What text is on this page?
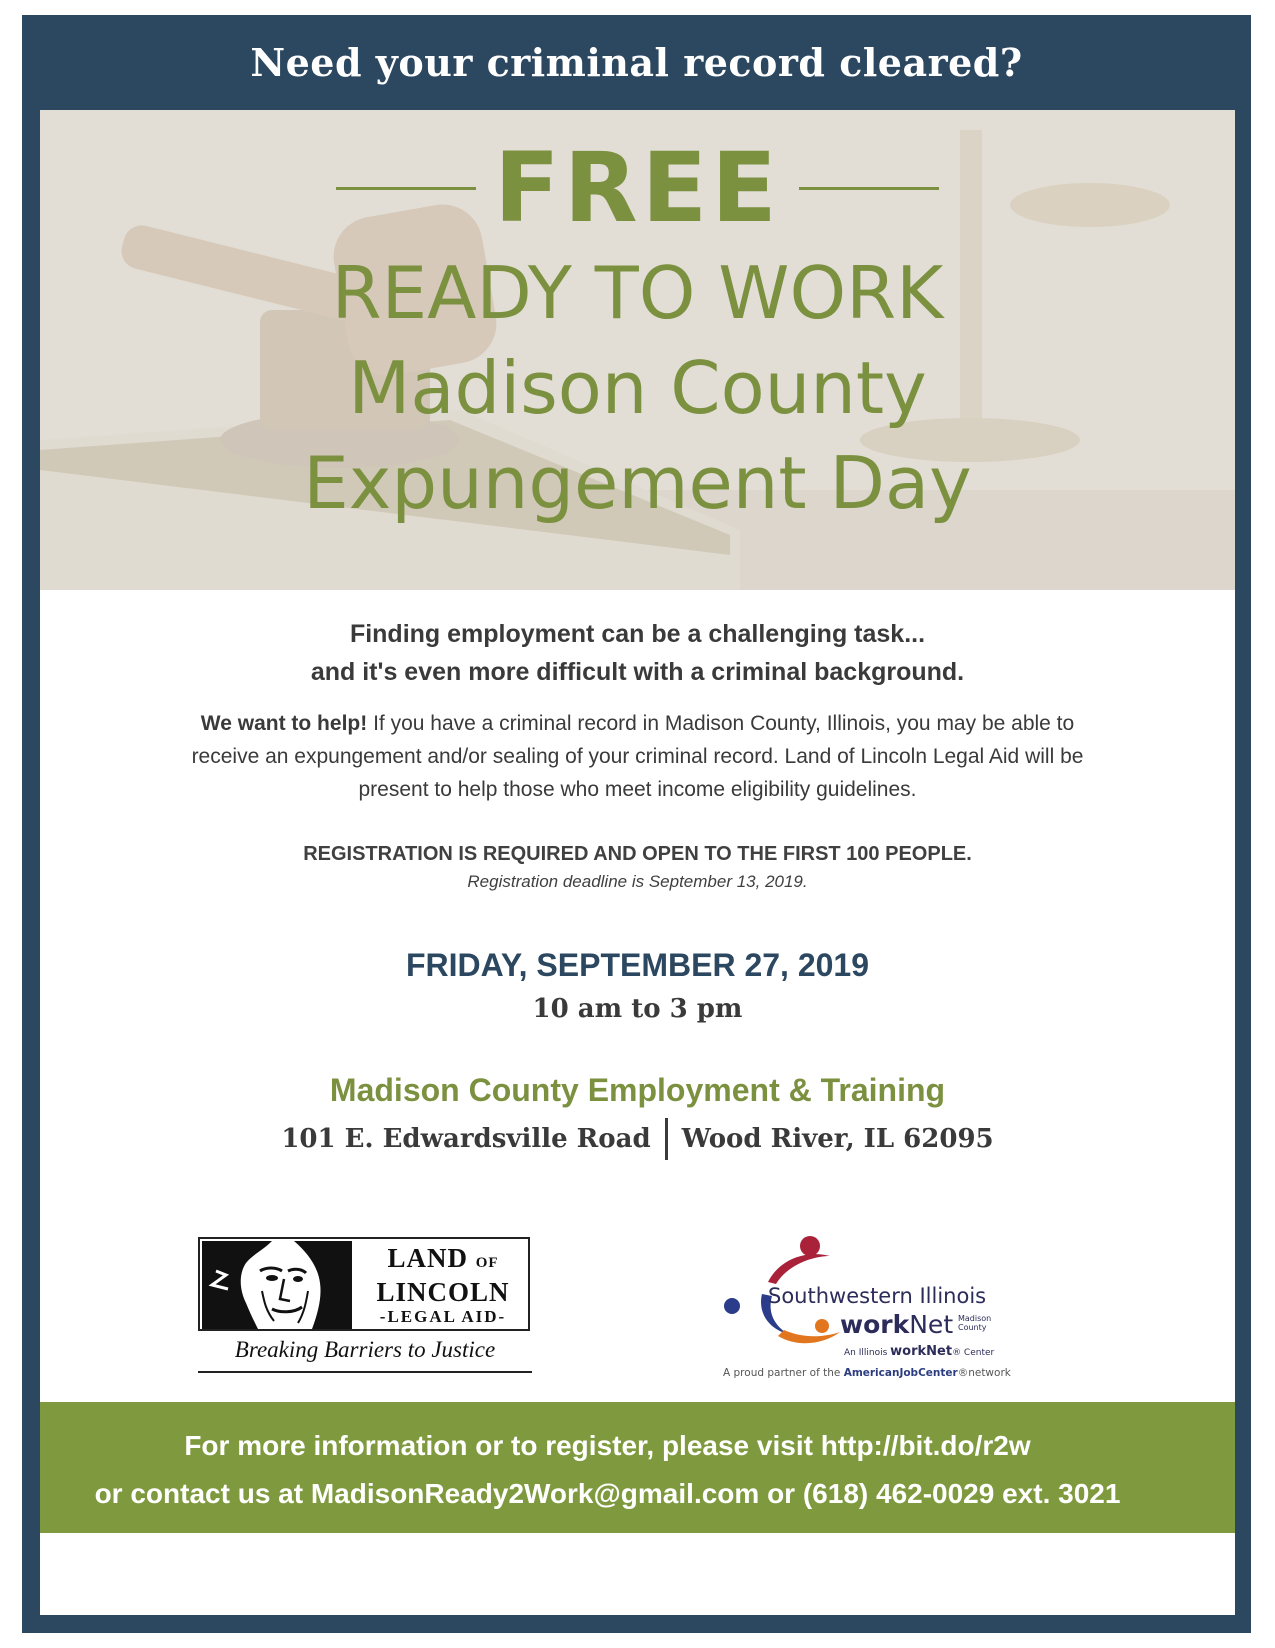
Need your criminal record cleared?
FREE
READY TO WORK
Madison County
Expungement Day
Finding employment can be a challenging task...
and it's even more difficult with a criminal background.
We want to help! If you have a criminal record in Madison County, Illinois, you may be able to receive an expungement and/or sealing of your criminal record. Land of Lincoln Legal Aid will be present to help those who meet income eligibility guidelines.
REGISTRATION IS REQUIRED AND OPEN TO THE FIRST 100 PEOPLE.
Registration deadline is September 13, 2019.
FRIDAY, SEPTEMBER 27, 2019
10 am to 3 pm
Madison County Employment & Training
101 E. Edwardsville Road Wood River, IL 62095
LAND OF
LINCOLN
-LEGAL AID-
Breaking Barriers to Justice
Southwestern Illinois
workNet Madison
County
An Illinois workNet® Center
A proud partner of the AmericanJobCenter®network
For more information or to register, please visit http://bit.do/r2w
or contact us at MadisonReady2Work@gmail.com or (618) 462-0029 ext. 3021
